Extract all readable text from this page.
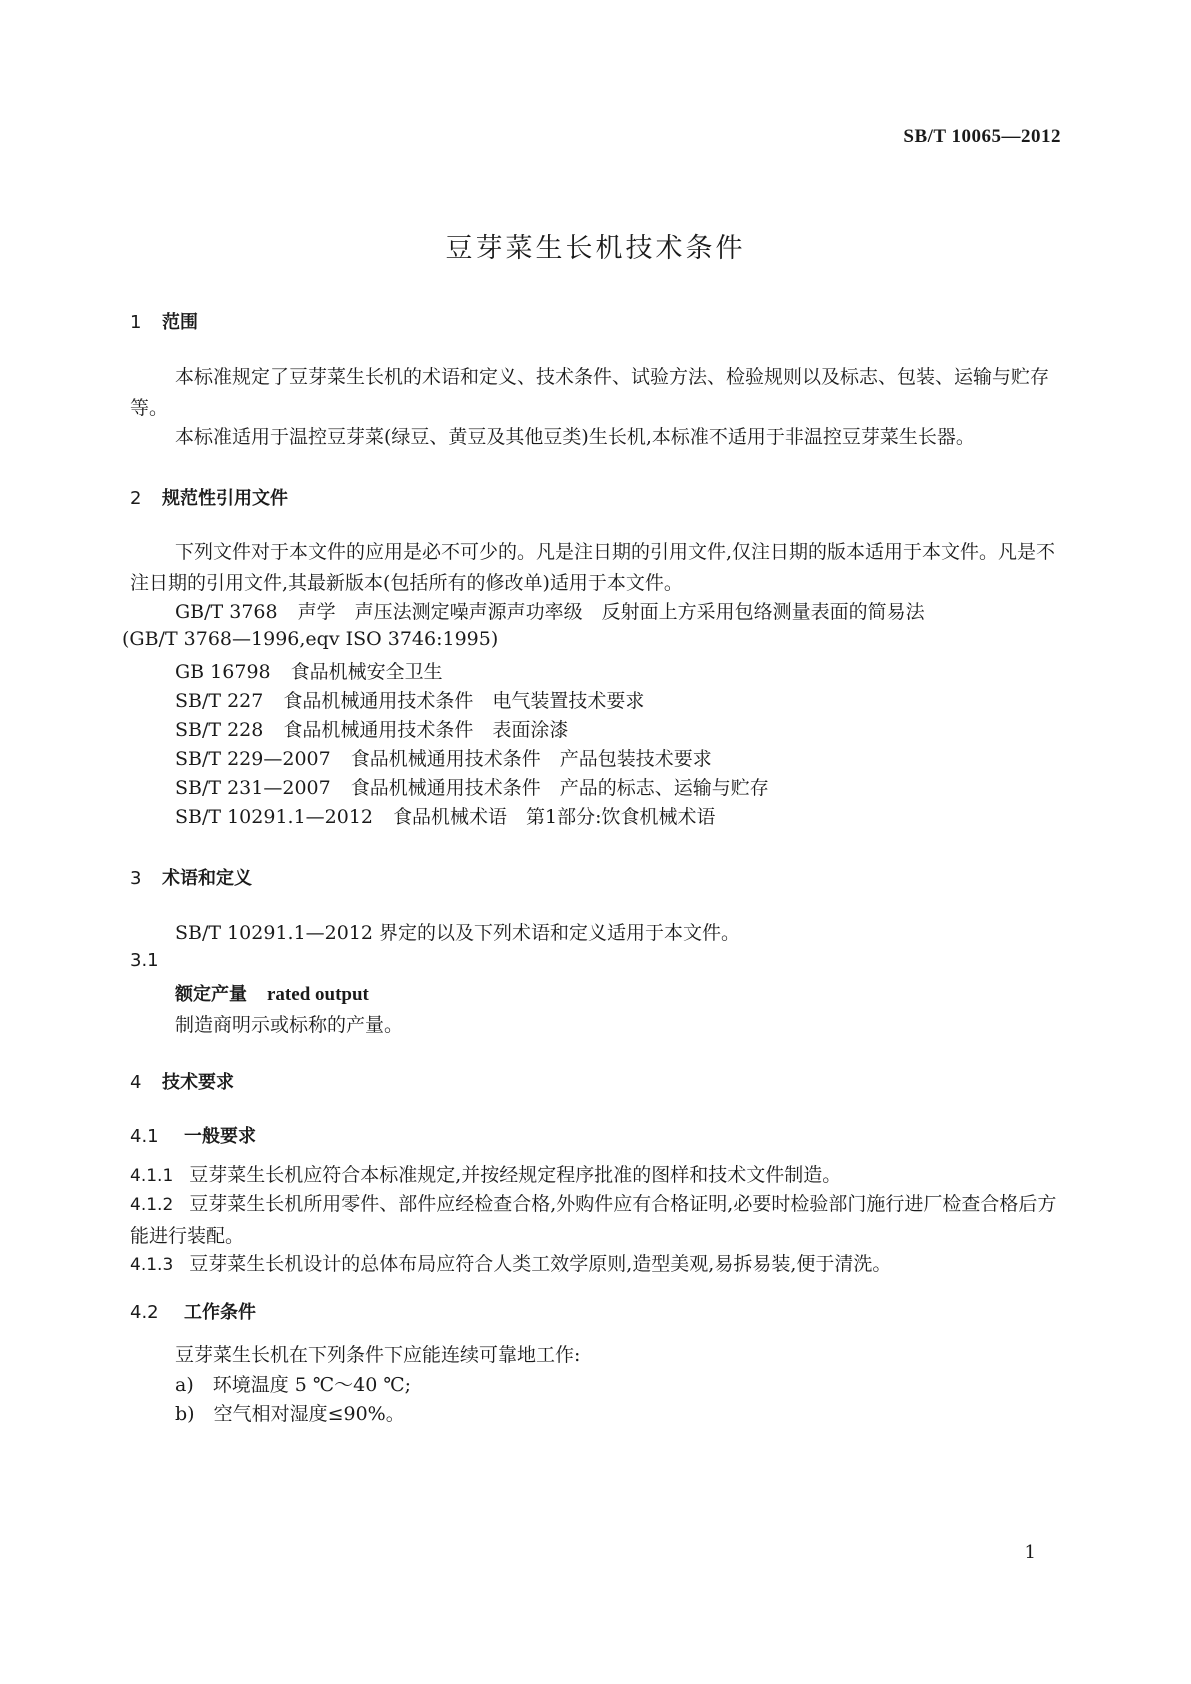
SB/T 10065—2012
豆芽菜生长机技术条件
1 范围
本标准规定了豆芽菜生长机的术语和定义、技术条件、试验方法、检验规则以及标志、包装、运输与贮存等。
本标准适用于温控豆芽菜(绿豆、黄豆及其他豆类)生长机,本标准不适用于非温控豆芽菜生长器。
2 规范性引用文件
下列文件对于本文件的应用是必不可少的。凡是注日期的引用文件,仅注日期的版本适用于本文件。凡是不注日期的引用文件,其最新版本(包括所有的修改单)适用于本文件。
GB/T 3768 声学　声压法测定噪声源声功率级　反射面上方采用包络测量表面的简易法
(GB/T 3768—1996,eqv ISO 3746:1995)
GB 16798 食品机械安全卫生
SB/T 227 食品机械通用技术条件　电气装置技术要求
SB/T 228 食品机械通用技术条件　表面涂漆
SB/T 229—2007 食品机械通用技术条件　产品包装技术要求
SB/T 231—2007 食品机械通用技术条件　产品的标志、运输与贮存
SB/T 10291.1—2012 食品机械术语　第1部分:饮食机械术语
3 术语和定义
SB/T 10291.1—2012 界定的以及下列术语和定义适用于本文件。
3.1
额定产量 rated output
制造商明示或标称的产量。
4 技术要求
4.1 一般要求
4.1.1 豆芽菜生长机应符合本标准规定,并按经规定程序批准的图样和技术文件制造。
4.1.2 豆芽菜生长机所用零件、部件应经检查合格,外购件应有合格证明,必要时检验部门施行进厂检查合格后方能进行装配。
4.1.3 豆芽菜生长机设计的总体布局应符合人类工效学原则,造型美观,易拆易装,便于清洗。
4.2 工作条件
豆芽菜生长机在下列条件下应能连续可靠地工作:
a)　环境温度 5 ℃～40 ℃;
b)　空气相对湿度≤90%。
1
